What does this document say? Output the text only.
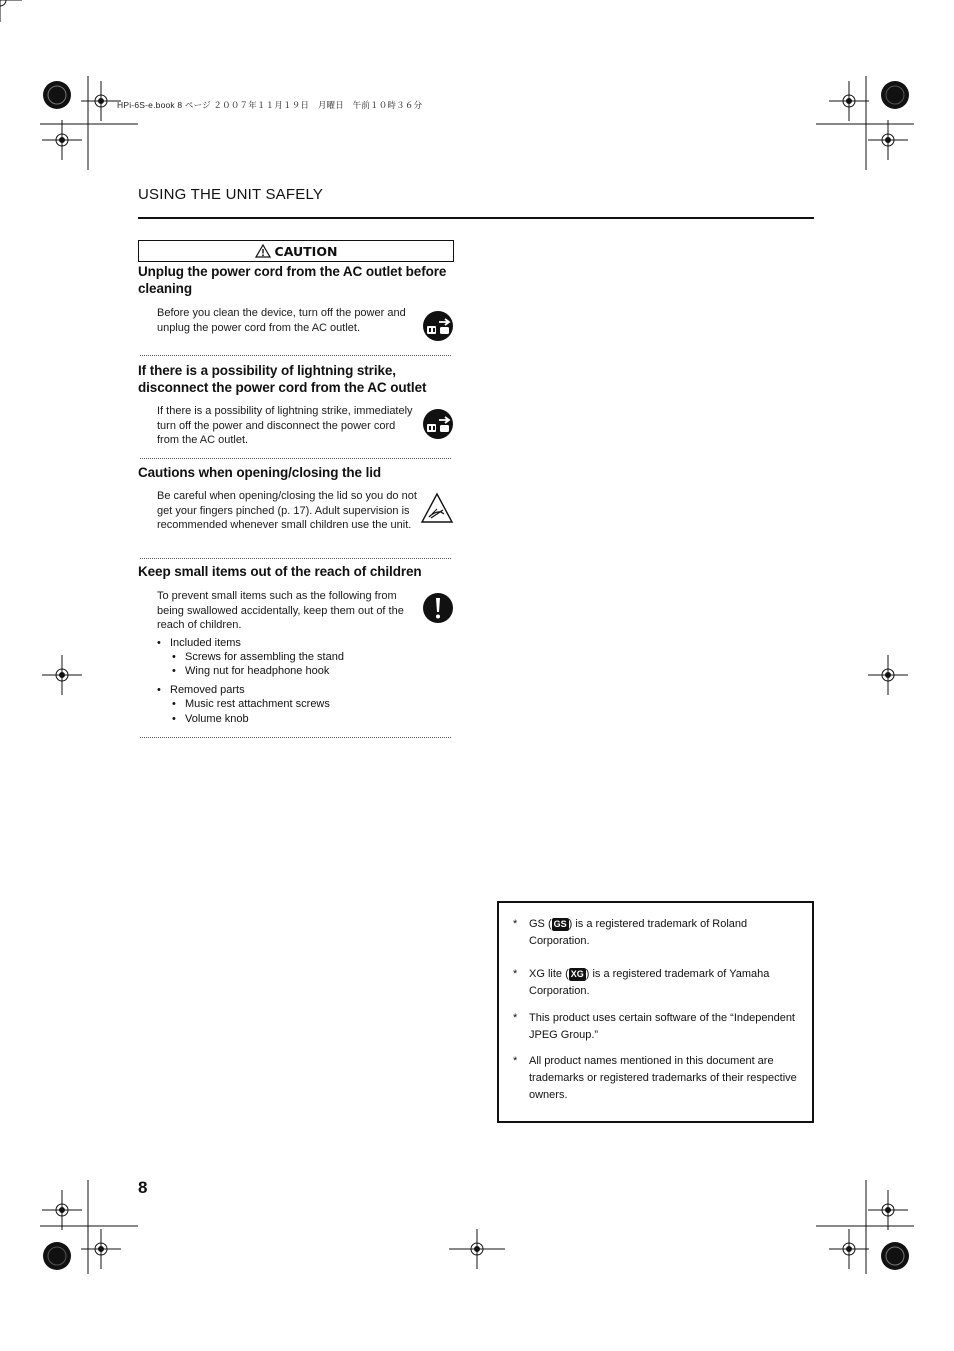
HPi-6S-e.book 8 ページ ２００７年１１月１９日　月曜日　午前１０時３６分
USING THE UNIT SAFELY
CAUTION
Unplug the power cord from the AC outlet before cleaning
Before you clean the device, turn off the power and unplug the power cord from the AC outlet.
If there is a possibility of lightning strike, disconnect the power cord from the AC outlet
If there is a possibility of lightning strike, immediately turn off the power and disconnect the power cord from the AC outlet.
Cautions when opening/closing the lid
Be careful when opening/closing the lid so you do not get your fingers pinched (p. 17). Adult supervision is recommended whenever small children use the unit.
Keep small items out of the reach of children
To prevent small items such as the following from being swallowed accidentally, keep them out of the reach of children.
• Included items
• Screws for assembling the stand
• Wing nut for headphone hook
• Removed parts
• Music rest attachment screws
• Volume knob
* GS ( GS ) is a registered trademark of Roland Corporation.
* XG lite ( XG ) is a registered trademark of Yamaha Corporation.
* This product uses certain software of the “Independent JPEG Group.”
* All product names mentioned in this document are trademarks or registered trademarks of their respective owners.
8
